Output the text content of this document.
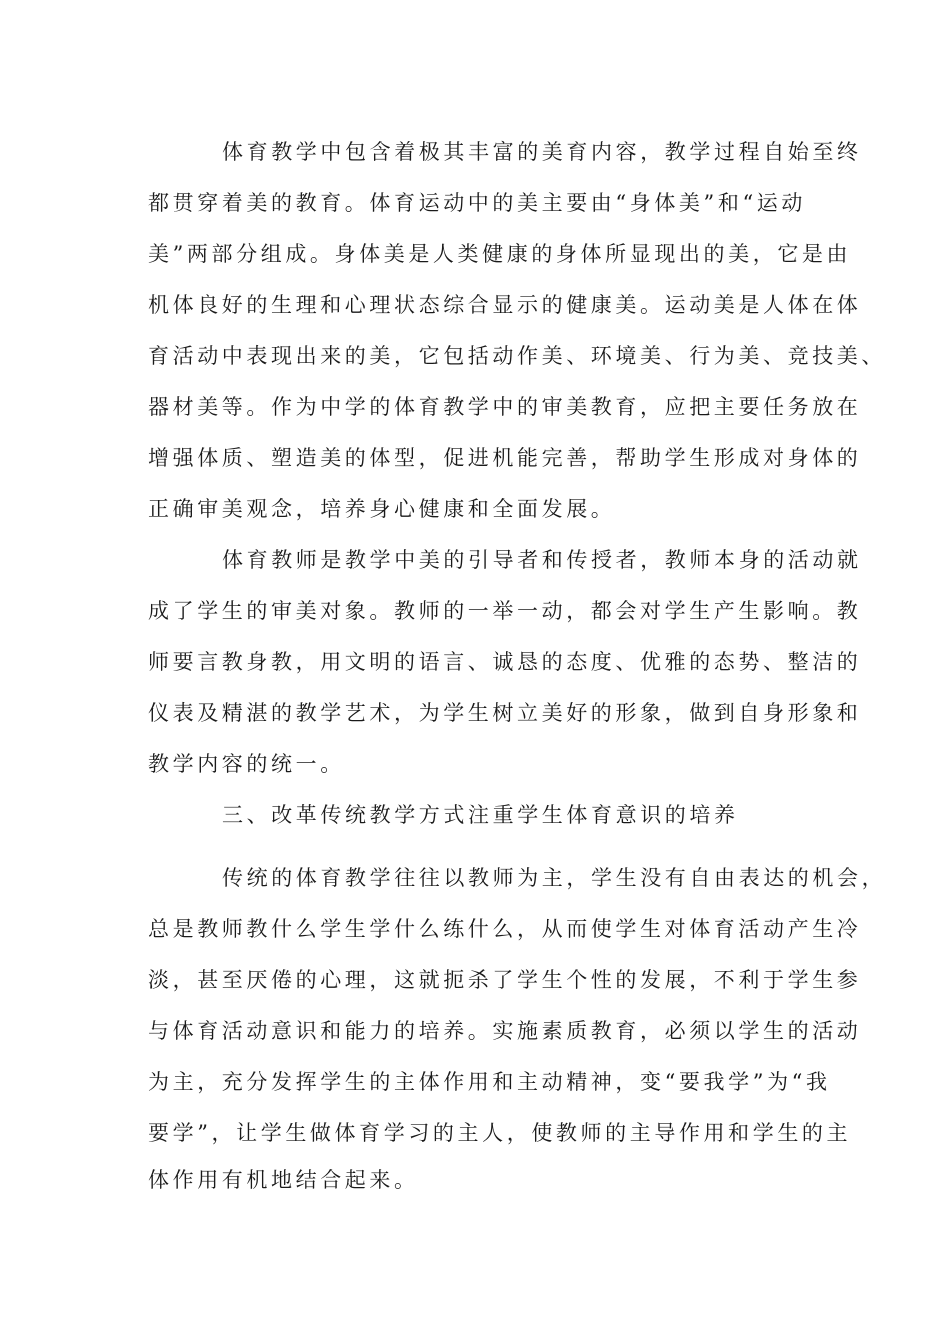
体育教学中包含着极其丰富的美育内容，教学过程自始至终
都贯穿着美的教育。体育运动中的美主要由“身体美”和“运动
美”两部分组成。身体美是人类健康的身体所显现出的美，它是由
机体良好的生理和心理状态综合显示的健康美。运动美是人体在体
育活动中表现出来的美，它包括动作美、环境美、行为美、竞技美、
器材美等。作为中学的体育教学中的审美教育，应把主要任务放在
增强体质、塑造美的体型，促进机能完善，帮助学生形成对身体的
正确审美观念，培养身心健康和全面发展。
体育教师是教学中美的引导者和传授者，教师本身的活动就
成了学生的审美对象。教师的一举一动，都会对学生产生影响。教
师要言教身教，用文明的语言、诚恳的态度、优雅的态势、整洁的
仪表及精湛的教学艺术，为学生树立美好的形象，做到自身形象和
教学内容的统一。
三、改革传统教学方式注重学生体育意识的培养
传统的体育教学往往以教师为主，学生没有自由表达的机会，
总是教师教什么学生学什么练什么，从而使学生对体育活动产生冷
淡，甚至厌倦的心理，这就扼杀了学生个性的发展，不利于学生参
与体育活动意识和能力的培养。实施素质教育，必须以学生的活动
为主，充分发挥学生的主体作用和主动精神，变“要我学”为“我
要学”，让学生做体育学习的主人，使教师的主导作用和学生的主
体作用有机地结合起来。
